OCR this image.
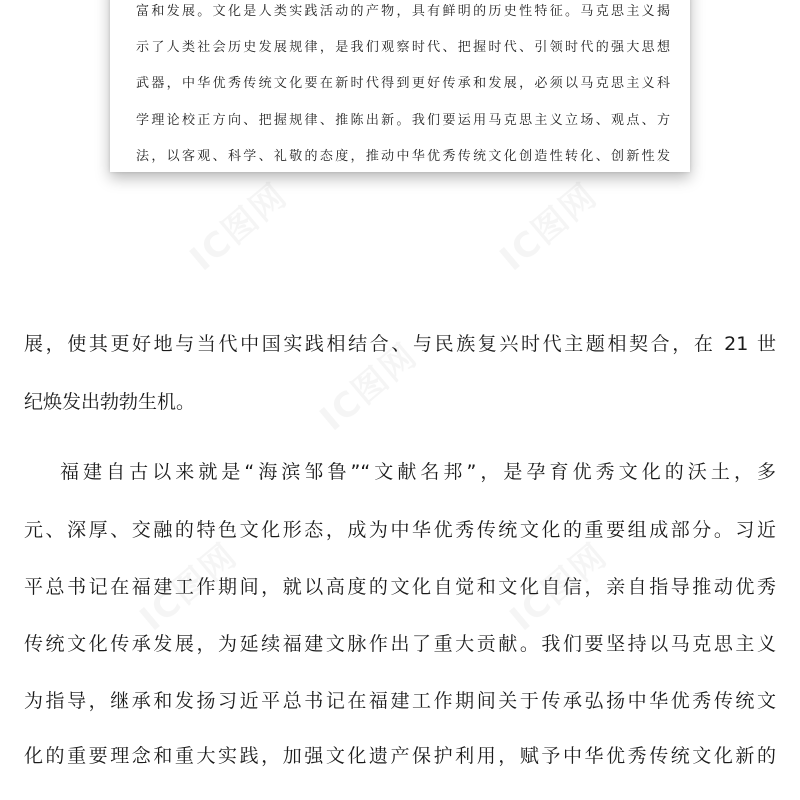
IC图网	IC图网
IC图网
IC图网	IC图网
富和发展。文化是人类实践活动的产物，具有鲜明的历史性特征。马克思主义揭
示了人类社会历史发展规律，是我们观察时代、把握时代、引领时代的强大思想
武器，中华优秀传统文化要在新时代得到更好传承和发展，必须以马克思主义科
学理论校正方向、把握规律、推陈出新。我们要运用马克思主义立场、观点、方
法，以客观、科学、礼敬的态度，推动中华优秀传统文化创造性转化、创新性发
展，使其更好地与当代中国实践相结合、与民族复兴时代主题相契合，在 21 世
纪焕发出勃勃生机。
福建自古以来就是“海滨邹鲁”“文献名邦”，是孕育优秀文化的沃土，多
元、深厚、交融的特色文化形态，成为中华优秀传统文化的重要组成部分。习近
平总书记在福建工作期间，就以高度的文化自觉和文化自信，亲自指导推动优秀
传统文化传承发展，为延续福建文脉作出了重大贡献。我们要坚持以马克思主义
为指导，继承和发扬习近平总书记在福建工作期间关于传承弘扬中华优秀传统文
化的重要理念和重大实践，加强文化遗产保护利用，赋予中华优秀传统文化新的
